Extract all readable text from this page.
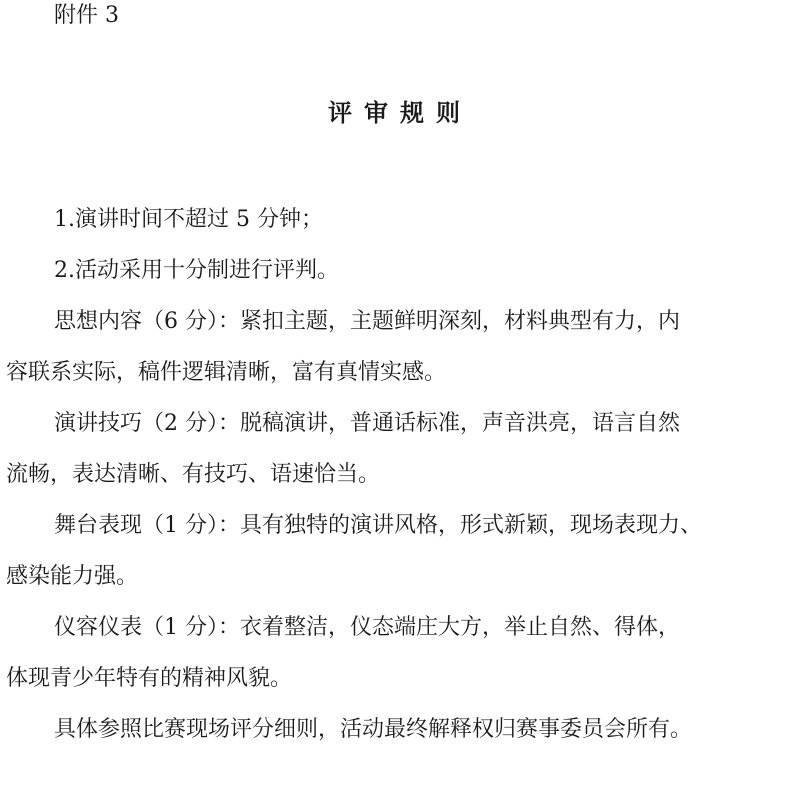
附件 3
评审规则

1.演讲时间不超过 5 分钟；

2.活动采用十分制进行评判。

思想内容（6 分）：紧扣主题，主题鲜明深刻，材料典型有力，内

容联系实际，稿件逻辑清晰，富有真情实感。

演讲技巧（2 分）：脱稿演讲，普通话标准，声音洪亮，语言自然

流畅，表达清晰、有技巧、语速恰当。

舞台表现（1 分）：具有独特的演讲风格，形式新颖，现场表现力、

感染能力强。

仪容仪表（1 分）：衣着整洁，仪态端庄大方，举止自然、得体，

体现青少年特有的精神风貌。

具体参照比赛现场评分细则，活动最终解释权归赛事委员会所有。
